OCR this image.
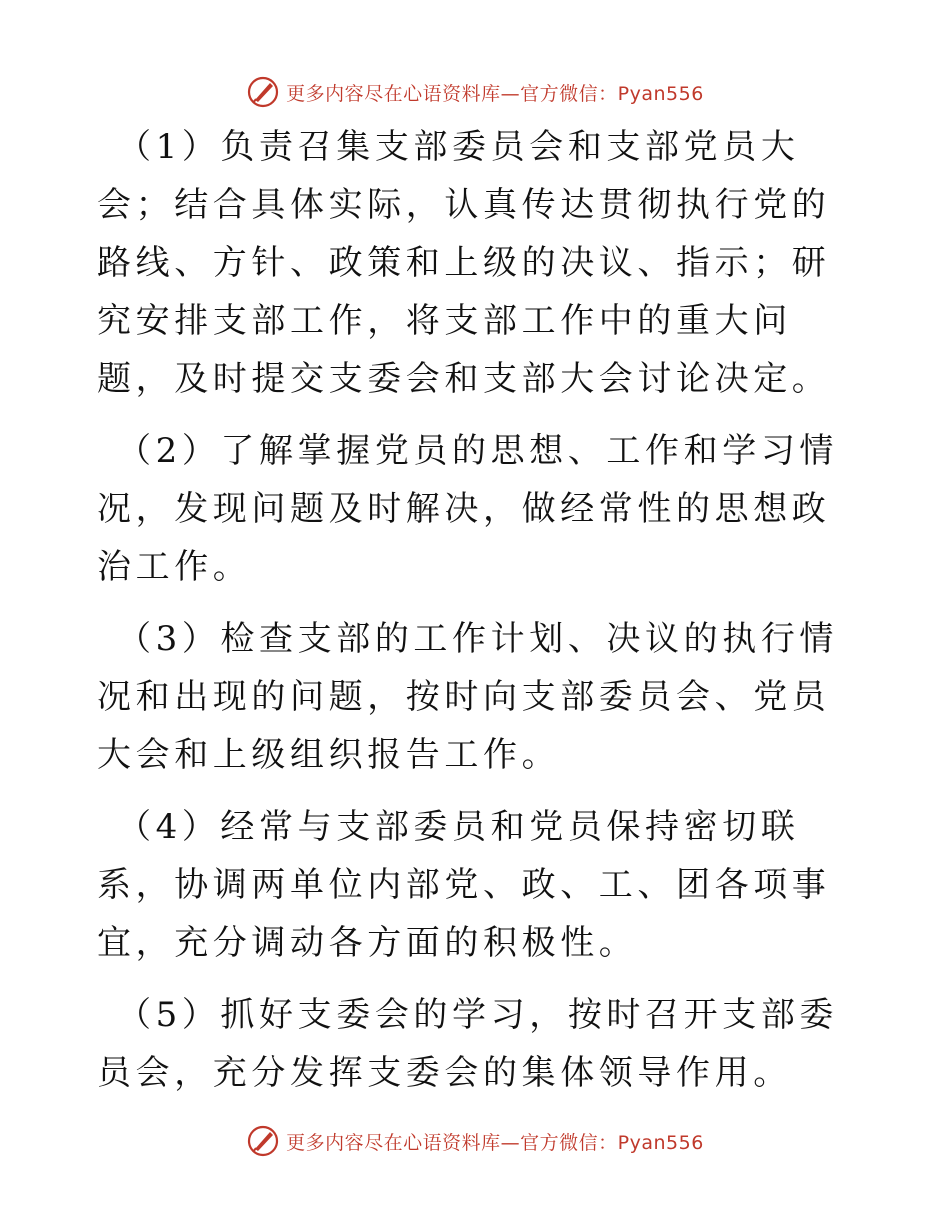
更多内容尽在心语资料库—官方微信：Pyan556

（1）负责召集支部委员会和支部党员大会；结合具体实际，认真传达贯彻执行党的路线、方针、政策和上级的决议、指示；研究安排支部工作，将支部工作中的重大问题，及时提交支委会和支部大会讨论决定。

（2）了解掌握党员的思想、工作和学习情况，发现问题及时解决，做经常性的思想政治工作。

（3）检查支部的工作计划、决议的执行情况和出现的问题，按时向支部委员会、党员大会和上级组织报告工作。

（4）经常与支部委员和党员保持密切联系，协调两单位内部党、政、工、团各项事宜，充分调动各方面的积极性。

（5）抓好支委会的学习，按时召开支部委员会，充分发挥支委会的集体领导作用。

更多内容尽在心语资料库—官方微信：Pyan556
